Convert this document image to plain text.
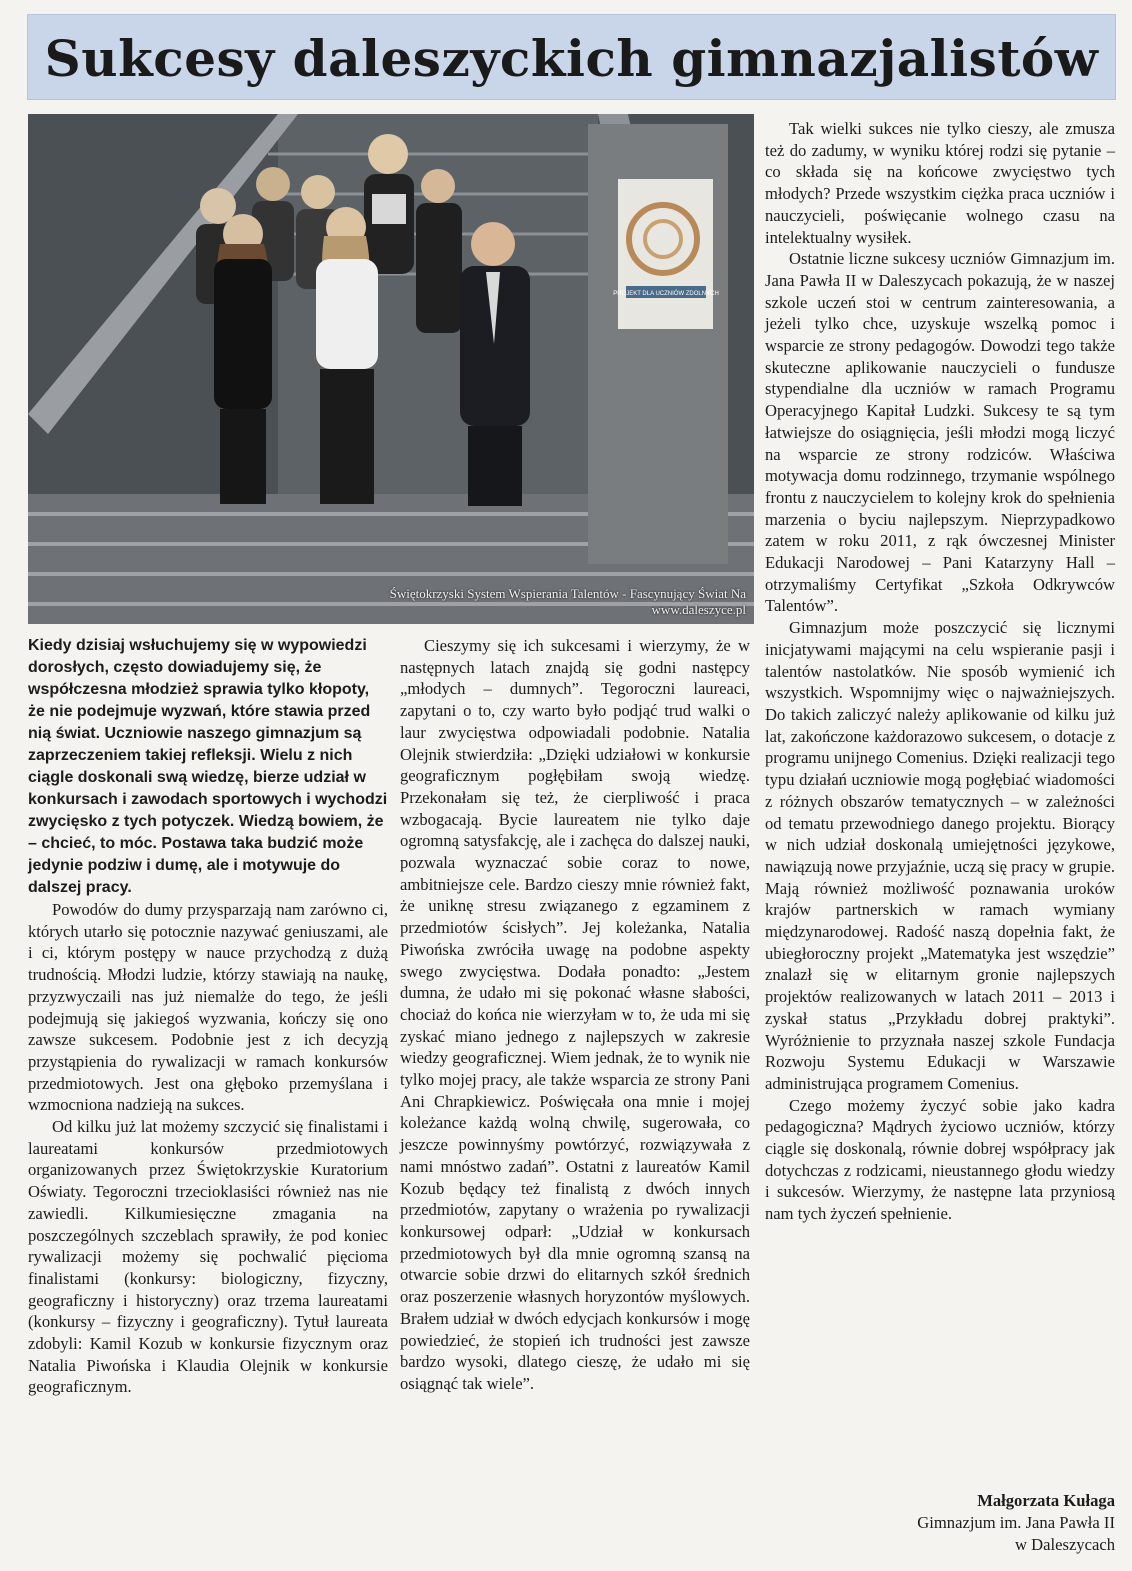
Sukcesy daleszyckich gimnazjalistów
PROJEKT DLA UCZNIÓW ZDOLNYCH
Świętokrzyski System Wspierania Talentów - Fascynujący Świat Na
www.daleszyce.pl

Kiedy dzisiaj wsłuchujemy się w wypowiedzi dorosłych, często dowiadujemy się, że współczesna młodzież sprawia tylko kłopoty, że nie podejmuje wyzwań, które stawia przed nią świat. Uczniowie naszego gimnazjum są zaprzeczeniem takiej refleksji. Wielu z nich ciągle doskonali swą wiedzę, bierze udział w konkursach i zawodach sportowych i wychodzi zwycięsko z tych potyczek. Wiedzą bowiem, że – chcieć, to móc. Postawa taka budzić może jedynie podziw i dumę, ale i motywuje do dalszej pracy.

Powodów do dumy przysparzają nam zarówno ci, których utarło się potocznie nazywać geniuszami, ale i ci, którym postępy w nauce przychodzą z dużą trudnością. Młodzi ludzie, którzy stawiają na naukę, przyzwyczaili nas już niemalże do tego, że jeśli podejmują się jakiegoś wyzwania, kończy się ono zawsze sukcesem. Podobnie jest z ich decyzją przystąpienia do rywalizacji w ramach konkursów przedmiotowych. Jest ona głęboko przemyślana i wzmocniona nadzieją na sukces.

Od kilku już lat możemy szczycić się finalistami i laureatami konkursów przedmiotowych organizowanych przez Świętokrzyskie Kuratorium Oświaty. Tegoroczni trzecioklasiści również nas nie zawiedli. Kilkumiesięczne zmagania na poszczególnych szczeblach sprawiły, że pod koniec rywalizacji możemy się pochwalić pięcioma finalistami (konkursy: biologiczny, fizyczny, geograficzny i historyczny) oraz trzema laureatami (konkursy – fizyczny i geograficzny). Tytuł laureata zdobyli: Kamil Kozub w konkursie fizycznym oraz Natalia Piwońska i Klaudia Olejnik w konkursie geograficznym.

Cieszymy się ich sukcesami i wierzymy, że w następnych latach znajdą się godni następcy „młodych – dumnych”. Tegoroczni laureaci, zapytani o to, czy warto było podjąć trud walki o laur zwycięstwa odpowiadali podobnie. Natalia Olejnik stwierdziła: „Dzięki udziałowi w konkursie geograficznym pogłębiłam swoją wiedzę. Przekonałam się też, że cierpliwość i praca wzbogacają. Bycie laureatem nie tylko daje ogromną satysfakcję, ale i zachęca do dalszej nauki, pozwala wyznaczać sobie coraz to nowe, ambitniejsze cele. Bardzo cieszy mnie również fakt, że uniknę stresu związanego z egzaminem z przedmiotów ścisłych”. Jej koleżanka, Natalia Piwońska zwróciła uwagę na podobne aspekty swego zwycięstwa. Dodała ponadto: „Jestem dumna, że udało mi się pokonać własne słabości, chociaż do końca nie wierzyłam w to, że uda mi się zyskać miano jednego z najlepszych w zakresie wiedzy geograficznej. Wiem jednak, że to wynik nie tylko mojej pracy, ale także wsparcia ze strony Pani Ani Chrapkiewicz. Poświęcała ona mnie i mojej koleżance każdą wolną chwilę, sugerowała, co jeszcze powinnyśmy powtórzyć, rozwiązywała z nami mnóstwo zadań”. Ostatni z laureatów Kamil Kozub będący też finalistą z dwóch innych przedmiotów, zapytany o wrażenia po rywalizacji konkursowej odparł: „Udział w konkursach przedmiotowych był dla mnie ogromną szansą na otwarcie sobie drzwi do elitarnych szkół średnich oraz poszerzenie własnych horyzontów myślowych. Brałem udział w dwóch edycjach konkursów i mogę powiedzieć, że stopień ich trudności jest zawsze bardzo wysoki, dlatego cieszę, że udało mi się osiągnąć tak wiele”.

Tak wielki sukces nie tylko cieszy, ale zmusza też do zadumy, w wyniku której rodzi się pytanie – co składa się na końcowe zwycięstwo tych młodych? Przede wszystkim ciężka praca uczniów i nauczycieli, poświęcanie wolnego czasu na intelektualny wysiłek.

Ostatnie liczne sukcesy uczniów Gimnazjum im. Jana Pawła II w Daleszycach pokazują, że w naszej szkole uczeń stoi w centrum zainteresowania, a jeżeli tylko chce, uzyskuje wszelką pomoc i wsparcie ze strony pedagogów. Dowodzi tego także skuteczne aplikowanie nauczycieli o fundusze stypendialne dla uczniów w ramach Programu Operacyjnego Kapitał Ludzki. Sukcesy te są tym łatwiejsze do osiągnięcia, jeśli młodzi mogą liczyć na wsparcie ze strony rodziców. Właściwa motywacja domu rodzinnego, trzymanie wspólnego frontu z nauczycielem to kolejny krok do spełnienia marzenia o byciu najlepszym. Nieprzypadkowo zatem w roku 2011, z rąk ówczesnej Minister Edukacji Narodowej – Pani Katarzyny Hall – otrzymaliśmy Certyfikat „Szkoła Odkrywców Talentów”.

Gimnazjum może poszczycić się licznymi inicjatywami mającymi na celu wspieranie pasji i talentów nastolatków. Nie sposób wymienić ich wszystkich. Wspomnijmy więc o najważniejszych. Do takich zaliczyć należy aplikowanie od kilku już lat, zakończone każdorazowo sukcesem, o dotacje z programu unijnego Comenius. Dzięki realizacji tego typu działań uczniowie mogą pogłębiać wiadomości z różnych obszarów tematycznych – w zależności od tematu przewodniego danego projektu. Biorący w nich udział doskonalą umiejętności językowe, nawiązują nowe przyjaźnie, uczą się pracy w grupie. Mają również możliwość poznawania uroków krajów partnerskich w ramach wymiany międzynarodowej. Radość naszą dopełnia fakt, że ubiegłoroczny projekt „Matematyka jest wszędzie” znalazł się w elitarnym gronie najlepszych projektów realizowanych w latach 2011 – 2013 i zyskał status „Przykładu dobrej praktyki”. Wyróżnienie to przyznała naszej szkole Fundacja Rozwoju Systemu Edukacji w Warszawie administrująca programem Comenius.

Czego możemy życzyć sobie jako kadra pedagogiczna? Mądrych życiowo uczniów, którzy ciągle się doskonalą, równie dobrej współpracy jak dotychczas z rodzicami, nieustannego głodu wiedzy i sukcesów. Wierzymy, że następne lata przyniosą nam tych życzeń spełnienie.

Małgorzata Kułaga
Gimnazjum im. Jana Pawła II
w Daleszycach
